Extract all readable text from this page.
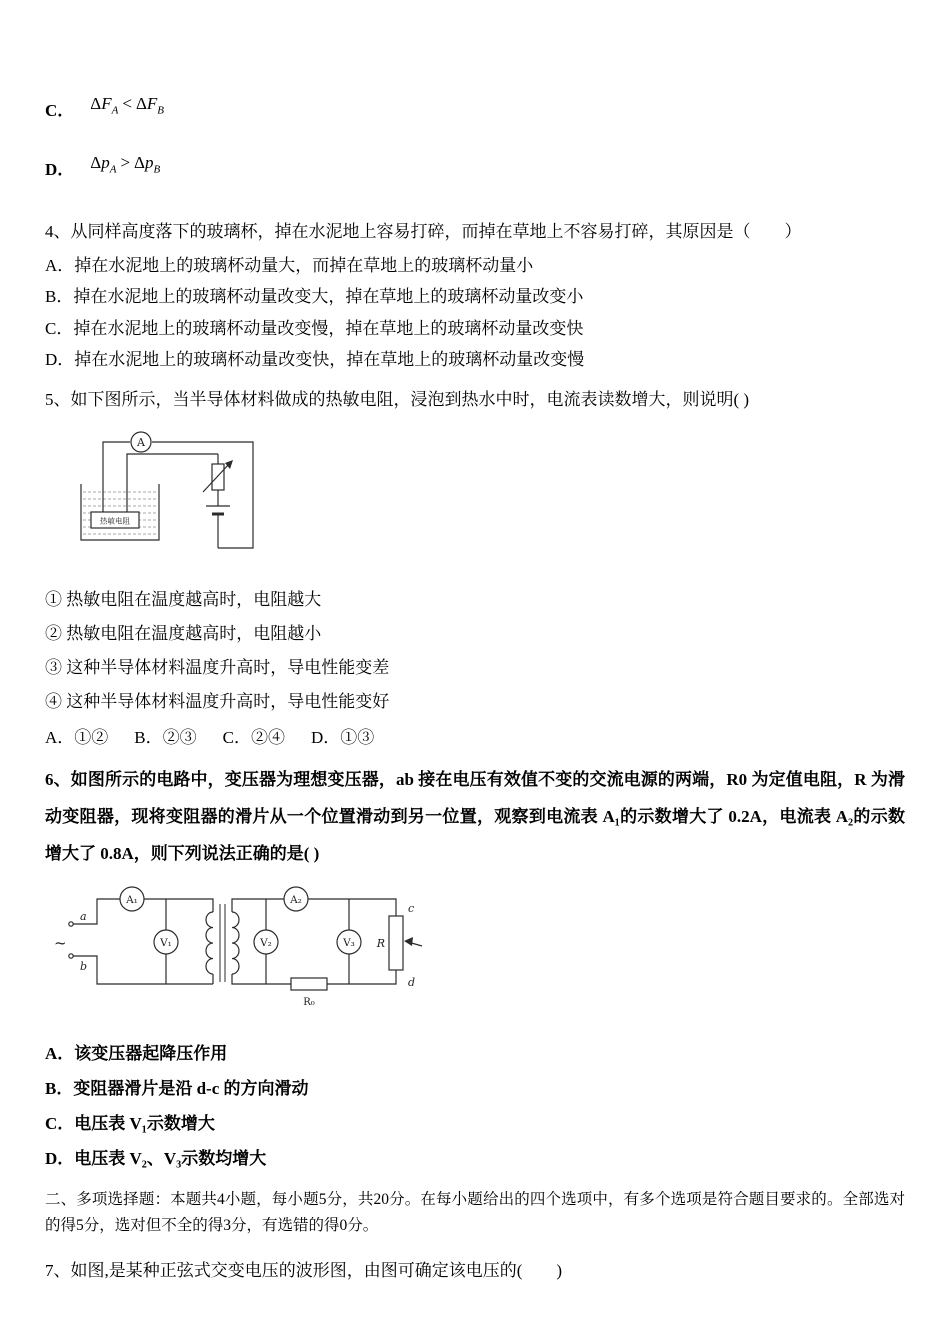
C． $\Delta F_A < \Delta F_B$
D． $\Delta p_A > \Delta p_B$

4、从同样高度落下的玻璃杯，掉在水泥地上容易打碎，而掉在草地上不容易打碎，其原因是（　　）

A．掉在水泥地上的玻璃杯动量大，而掉在草地上的玻璃杯动量小
B．掉在水泥地上的玻璃杯动量改变大，掉在草地上的玻璃杯动量改变小
C．掉在水泥地上的玻璃杯动量改变慢，掉在草地上的玻璃杯动量改变快
D．掉在水泥地上的玻璃杯动量改变快，掉在草地上的玻璃杯动量改变慢

5、如下图所示，当半导体材料做成的热敏电阻，浸泡到热水中时，电流表读数增大，则说明( )

A
热敏电阻
① 热敏电阻在温度越高时，电阻越大
② 热敏电阻在温度越高时，电阻越小
③ 这种半导体材料温度升高时，导电性能变差
④ 这种半导体材料温度升高时，导电性能变好
A．①② B．②③ C．②④ D．①③

6、如图所示的电路中，变压器为理想变压器，ab 接在电压有效值不变的交流电源的两端，R0 为定值电阻，R 为滑动变阻器，现将变阻器的滑片从一个位置滑动到另一位置，观察到电流表 A₁的示数增大了 0.2A，电流表 A₂的示数增大了 0.8A，则下列说法正确的是( )

~
a
b
A₁
V₁
A₂
V₂	V₃
R₀
R
c
d
A．该变压器起降压作用
B．变阻器滑片是沿 d-c 的方向滑动
C．电压表 V₁示数增大
D．电压表 V₂、V₃示数均增大

二、多项选择题：本题共4小题，每小题5分，共20分。在每小题给出的四个选项中，有多个选项是符合题目要求的。全部选对的得5分，选对但不全的得3分，有选错的得0分。

7、如图,是某种正弦式交变电压的波形图，由图可确定该电压的(　　)
